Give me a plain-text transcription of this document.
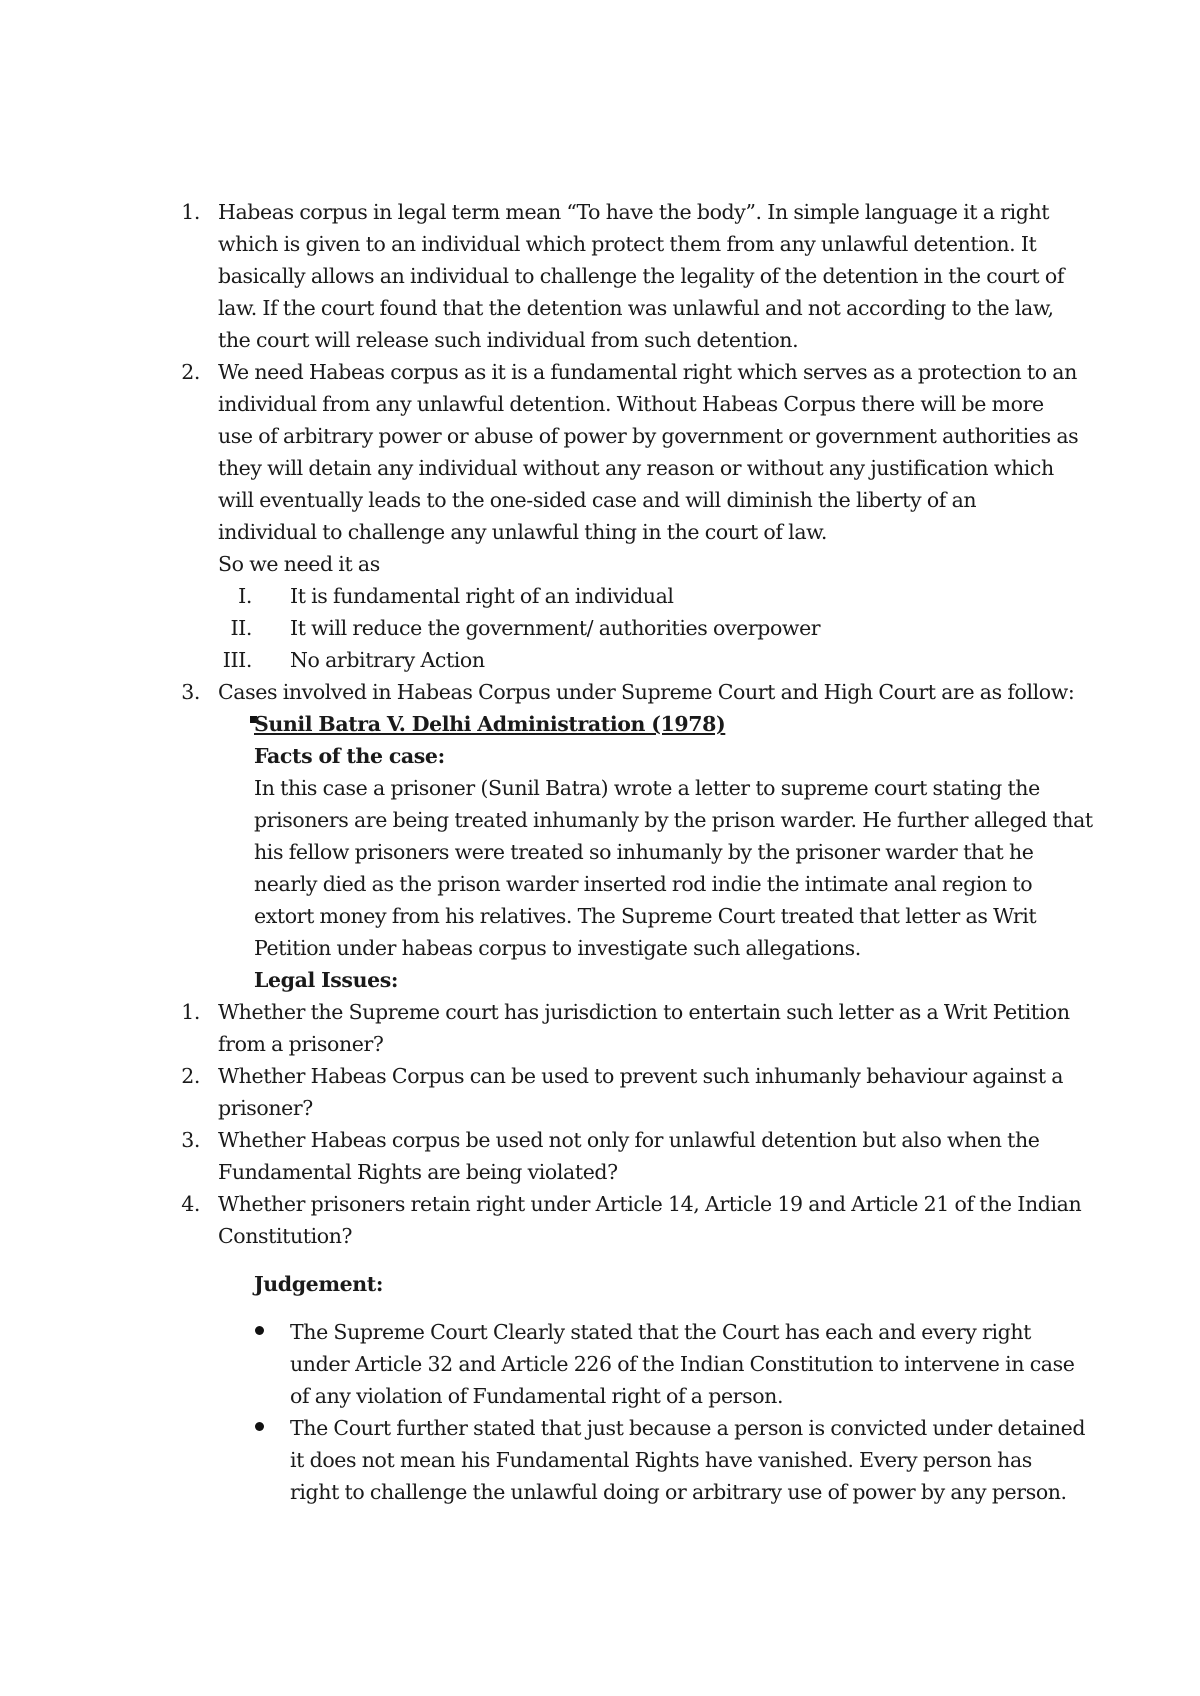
1. Habeas corpus in legal term mean “To have the body”. In simple language it a right
which is given to an individual which protect them from any unlawful detention. It
basically allows an individual to challenge the legality of the detention in the court of
law. If the court found that the detention was unlawful and not according to the law,
the court will release such individual from such detention.
2. We need Habeas corpus as it is a fundamental right which serves as a protection to an
individual from any unlawful detention. Without Habeas Corpus there will be more
use of arbitrary power or abuse of power by government or government authorities as
they will detain any individual without any reason or without any justification which
will eventually leads to the one-sided case and will diminish the liberty of an
individual to challenge any unlawful thing in the court of law.
So we need it as
I. It is fundamental right of an individual
II. It will reduce the government/ authorities overpower
III. No arbitrary Action
3. Cases involved in Habeas Corpus under Supreme Court and High Court are as follow:
Sunil Batra V. Delhi Administration (1978)
Facts of the case:
In this case a prisoner (Sunil Batra) wrote a letter to supreme court stating the
prisoners are being treated inhumanly by the prison warder. He further alleged that
his fellow prisoners were treated so inhumanly by the prisoner warder that he
nearly died as the prison warder inserted rod indie the intimate anal region to
extort money from his relatives. The Supreme Court treated that letter as Writ
Petition under habeas corpus to investigate such allegations.
Legal Issues:
1. Whether the Supreme court has jurisdiction to entertain such letter as a Writ Petition
from a prisoner?
2. Whether Habeas Corpus can be used to prevent such inhumanly behaviour against a
prisoner?
3. Whether Habeas corpus be used not only for unlawful detention but also when the
Fundamental Rights are being violated?
4. Whether prisoners retain right under Article 14, Article 19 and Article 21 of the Indian
Constitution?
Judgement:
The Supreme Court Clearly stated that the Court has each and every right
under Article 32 and Article 226 of the Indian Constitution to intervene in case
of any violation of Fundamental right of a person.
The Court further stated that just because a person is convicted under detained
it does not mean his Fundamental Rights have vanished. Every person has
right to challenge the unlawful doing or arbitrary use of power by any person.
